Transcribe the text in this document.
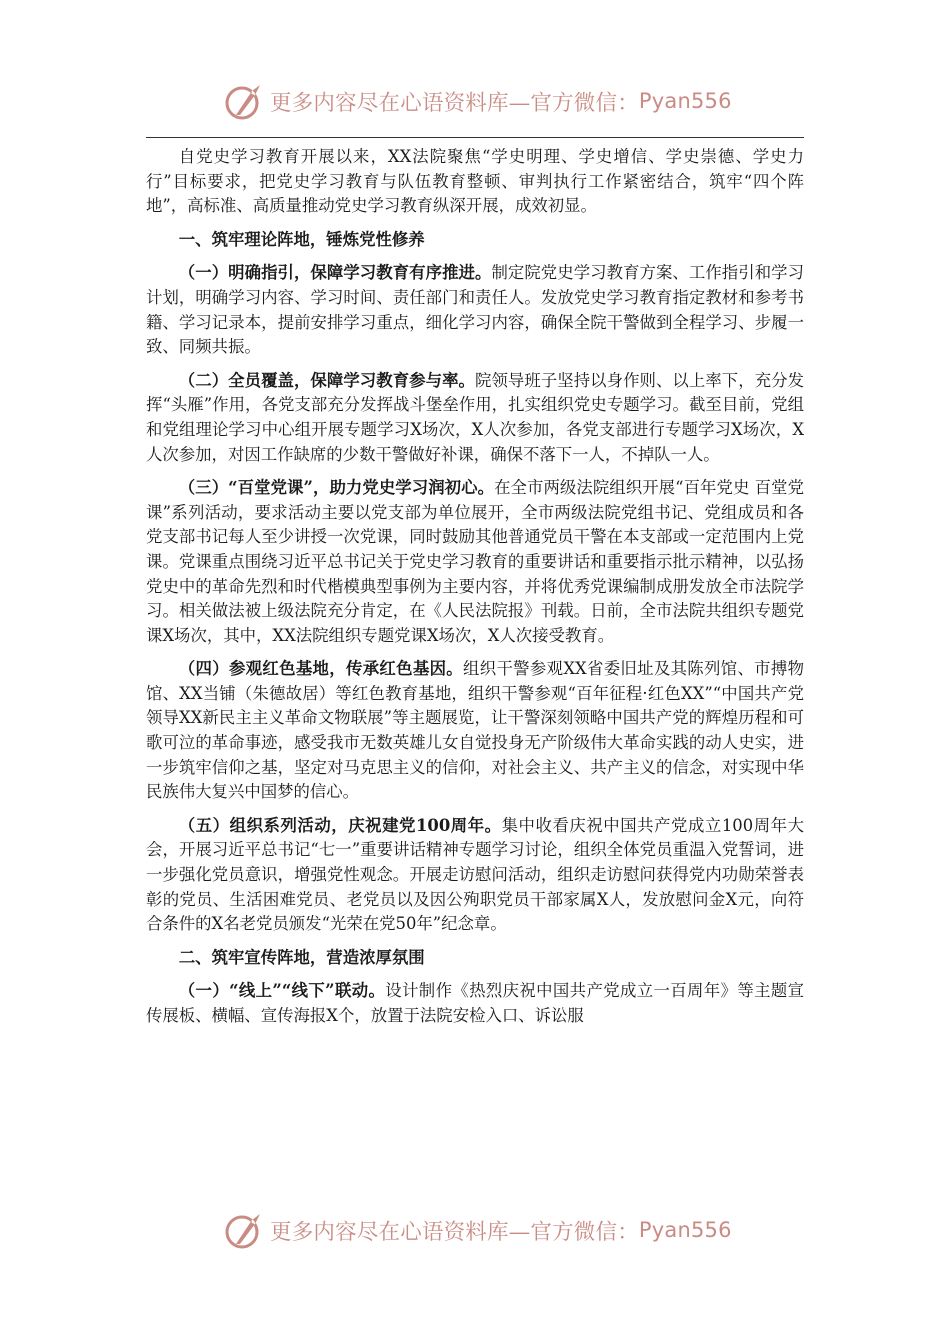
更多内容尽在心语资料库—官方微信： Pyan556

自党史学习教育开展以来，XX法院聚焦“学史明理、学史增信、学史崇德、学史力行”目标要求，把党史学习教育与队伍教育整顿、审判执行工作紧密结合，筑牢“四个阵地”，高标准、高质量推动党史学习教育纵深开展，成效初显。

一、筑牢理论阵地，锤炼党性修养

（一）明确指引，保障学习教育有序推进。制定院党史学习教育方案、工作指引和学习计划，明确学习内容、学习时间、责任部门和责任人。发放党史学习教育指定教材和参考书籍、学习记录本，提前安排学习重点，细化学习内容，确保全院干警做到全程学习、步履一致、同频共振。

（二）全员覆盖，保障学习教育参与率。院领导班子坚持以身作则、以上率下，充分发挥“头雁”作用，各党支部充分发挥战斗堡垒作用，扎实组织党史专题学习。截至目前，党组和党组理论学习中心组开展专题学习X场次，X人次参加，各党支部进行专题学习X场次，X人次参加，对因工作缺席的少数干警做好补课，确保不落下一人，不掉队一人。

（三）“百堂党课”，助力党史学习润初心。在全市两级法院组织开展“百年党史 百堂党课”系列活动，要求活动主要以党支部为单位展开，全市两级法院党组书记、党组成员和各党支部书记每人至少讲授一次党课，同时鼓励其他普通党员干警在本支部或一定范围内上党课。党课重点围绕习近平总书记关于党史学习教育的重要讲话和重要指示批示精神，以弘扬党史中的革命先烈和时代楷模典型事例为主要内容，并将优秀党课编制成册发放全市法院学习。相关做法被上级法院充分肯定，在《人民法院报》刊载。日前，全市法院共组织专题党课X场次，其中，XX法院组织专题党课X场次，X人次接受教育。

（四）参观红色基地，传承红色基因。组织干警参观XX省委旧址及其陈列馆、市搏物馆、XX当铺（朱德故居）等红色教育基地，组织干警参观“百年征程·红色XX”“中国共产党领导XX新民主主义革命文物联展”等主题展览，让干警深刻领略中国共产党的辉煌历程和可歌可泣的革命事迹，感受我市无数英雄儿女自觉投身无产阶级伟大革命实践的动人史实，进一步筑牢信仰之基，坚定对马克思主义的信仰，对社会主义、共产主义的信念，对实现中华民族伟大复兴中国梦的信心。

（五）组织系列活动，庆祝建党100周年。集中收看庆祝中国共产党成立100周年大会，开展习近平总书记“七一”重要讲话精神专题学习讨论，组织全体党员重温入党誓词，进一步强化党员意识，增强党性观念。开展走访慰问活动，组织走访慰问获得党内功勋荣誉表彰的党员、生活困难党员、老党员以及因公殉职党员干部家属X人，发放慰问金X元，向符合条件的X名老党员颁发“光荣在党50年”纪念章。

二、筑牢宣传阵地，营造浓厚氛围

（一）“线上”“线下”联动。设计制作《热烈庆祝中国共产党成立一百周年》等主题宣传展板、横幅、宣传海报X个，放置于法院安检入口、诉讼服

更多内容尽在心语资料库—官方微信： Pyan556
